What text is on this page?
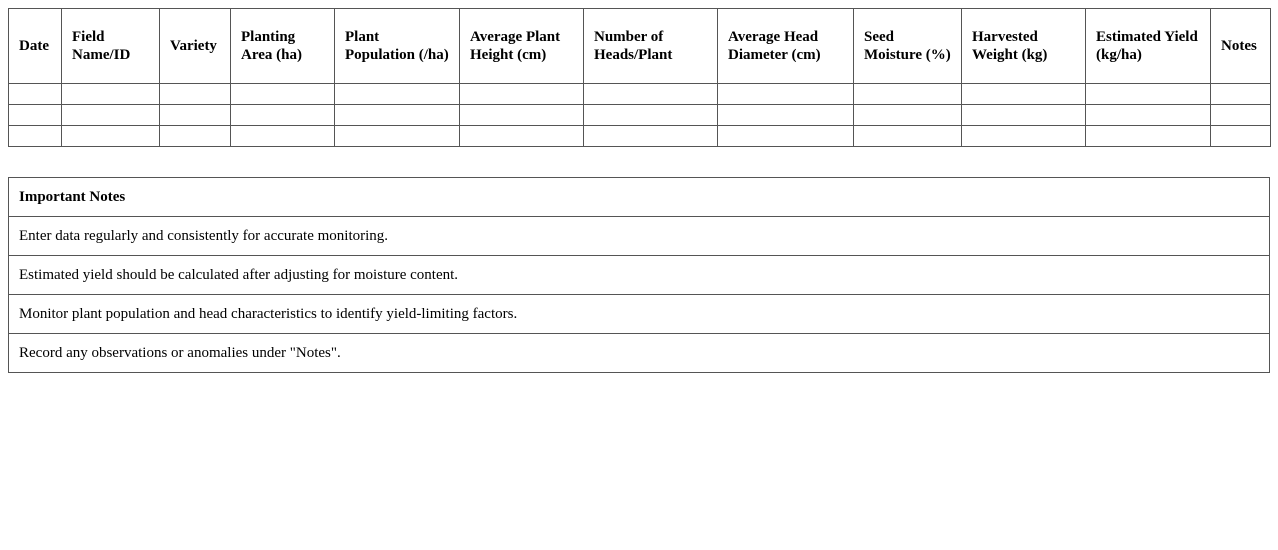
Date	Field Name/ID	Variety	Planting Area (ha)	Plant Population (/ha)	Average Plant Height (cm)	Number of Heads/Plant	Average Head Diameter (cm)	Seed Moisture (%)	Harvested Weight (kg)	Estimated Yield (kg/ha)	Notes

Important Notes
Enter data regularly and consistently for accurate monitoring.
Estimated yield should be calculated after adjusting for moisture content.
Monitor plant population and head characteristics to identify yield-limiting factors.
Record any observations or anomalies under "Notes".
